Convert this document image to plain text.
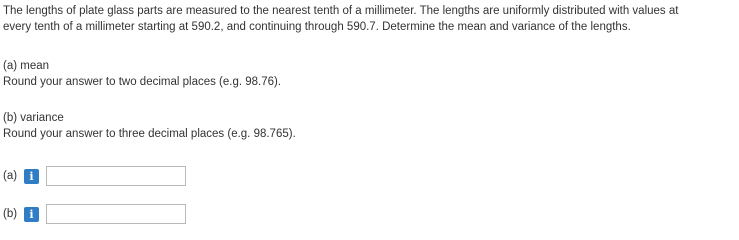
The lengths of plate glass parts are measured to the nearest tenth of a millimeter. The lengths are uniformly distributed with values at

every tenth of a millimeter starting at 590.2, and continuing through 590.7. Determine the mean and variance of the lengths.

(a) mean

Round your answer to two decimal places (e.g. 98.76).

(b) variance

Round your answer to three decimal places (e.g. 98.765).

(a)	i
(b)	i
